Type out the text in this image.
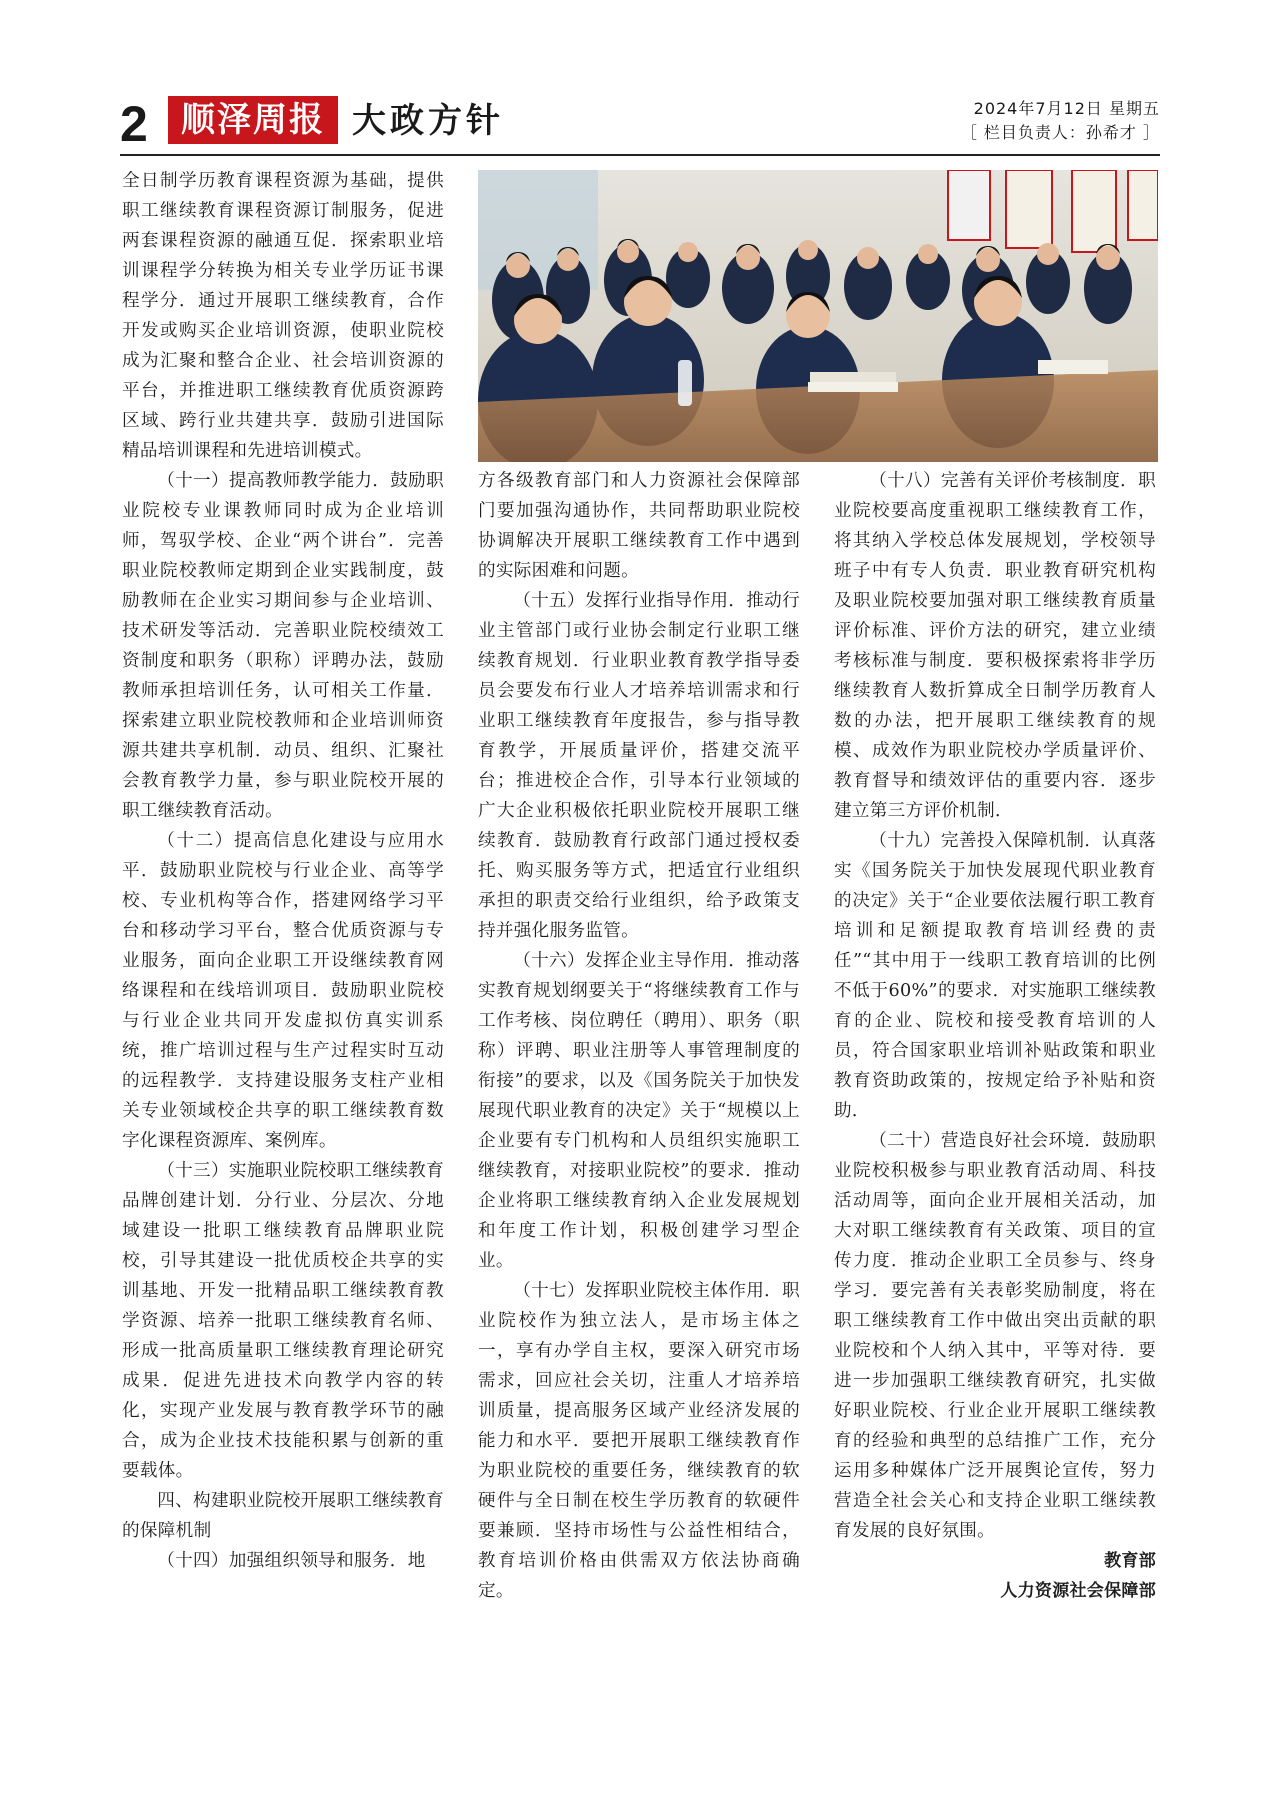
2 顺泽周报 大政方针	2024年7月12日 星期五
［ 栏目负责人：孙希才 ］

全日制学历教育课程资源为基础，提供职工继续教育课程资源订制服务，促进两套课程资源的融通互促．探索职业培训课程学分转换为相关专业学历证书课程学分．通过开展职工继续教育，合作开发或购买企业培训资源，使职业院校成为汇聚和整合企业、社会培训资源的平台，并推进职工继续教育优质资源跨区域、跨行业共建共享．鼓励引进国际精品培训课程和先进培训模式。

（十一）提高教师教学能力．鼓励职业院校专业课教师同时成为企业培训师，驾驭学校、企业“两个讲台”．完善职业院校教师定期到企业实践制度，鼓励教师在企业实习期间参与企业培训、技术研发等活动．完善职业院校绩效工资制度和职务（职称）评聘办法，鼓励教师承担培训任务，认可相关工作量．探索建立职业院校教师和企业培训师资源共建共享机制．动员、组织、汇聚社会教育教学力量，参与职业院校开展的职工继续教育活动。

（十二）提高信息化建设与应用水平．鼓励职业院校与行业企业、高等学校、专业机构等合作，搭建网络学习平台和移动学习平台，整合优质资源与专业服务，面向企业职工开设继续教育网络课程和在线培训项目．鼓励职业院校与行业企业共同开发虚拟仿真实训系统，推广培训过程与生产过程实时互动的远程教学．支持建设服务支柱产业相关专业领域校企共享的职工继续教育数字化课程资源库、案例库。

（十三）实施职业院校职工继续教育品牌创建计划．分行业、分层次、分地域建设一批职工继续教育品牌职业院校，引导其建设一批优质校企共享的实训基地、开发一批精品职工继续教育教学资源、培养一批职工继续教育名师、形成一批高质量职工继续教育理论研究成果．促进先进技术向教学内容的转化，实现产业发展与教育教学环节的融合，成为企业技术技能积累与创新的重要载体。

四、构建职业院校开展职工继续教育的保障机制

（十四）加强组织领导和服务．地

方各级教育部门和人力资源社会保障部门要加强沟通协作，共同帮助职业院校协调解决开展职工继续教育工作中遇到的实际困难和问题。

（十五）发挥行业指导作用．推动行业主管部门或行业协会制定行业职工继续教育规划．行业职业教育教学指导委员会要发布行业人才培养培训需求和行业职工继续教育年度报告，参与指导教育教学，开展质量评价，搭建交流平台；推进校企合作，引导本行业领域的广大企业积极依托职业院校开展职工继续教育．鼓励教育行政部门通过授权委托、购买服务等方式，把适宜行业组织承担的职责交给行业组织，给予政策支持并强化服务监管。

（十六）发挥企业主导作用．推动落实教育规划纲要关于“将继续教育工作与工作考核、岗位聘任（聘用）、职务（职称）评聘、职业注册等人事管理制度的衔接”的要求，以及《国务院关于加快发展现代职业教育的决定》关于“规模以上企业要有专门机构和人员组织实施职工继续教育，对接职业院校”的要求．推动企业将职工继续教育纳入企业发展规划和年度工作计划，积极创建学习型企业。

（十七）发挥职业院校主体作用．职业院校作为独立法人，是市场主体之一，享有办学自主权，要深入研究市场需求，回应社会关切，注重人才培养培训质量，提高服务区域产业经济发展的能力和水平．要把开展职工继续教育作为职业院校的重要任务，继续教育的软硬件与全日制在校生学历教育的软硬件要兼顾．坚持市场性与公益性相结合，教育培训价格由供需双方依法协商确定。

（十八）完善有关评价考核制度．职业院校要高度重视职工继续教育工作，将其纳入学校总体发展规划，学校领导班子中有专人负责．职业教育研究机构及职业院校要加强对职工继续教育质量评价标准、评价方法的研究，建立业绩考核标准与制度．要积极探索将非学历继续教育人数折算成全日制学历教育人数的办法，把开展职工继续教育的规模、成效作为职业院校办学质量评价、教育督导和绩效评估的重要内容．逐步建立第三方评价机制．

（十九）完善投入保障机制．认真落实《国务院关于加快发展现代职业教育的决定》关于“企业要依法履行职工教育培训和足额提取教育培训经费的责任”“其中用于一线职工教育培训的比例不低于60%”的要求．对实施职工继续教育的企业、院校和接受教育培训的人员，符合国家职业培训补贴政策和职业教育资助政策的，按规定给予补贴和资助．

（二十）营造良好社会环境．鼓励职业院校积极参与职业教育活动周、科技活动周等，面向企业开展相关活动，加大对职工继续教育有关政策、项目的宣传力度．推动企业职工全员参与、终身学习．要完善有关表彰奖励制度，将在职工继续教育工作中做出突出贡献的职业院校和个人纳入其中，平等对待．要进一步加强职工继续教育研究，扎实做好职业院校、行业企业开展职工继续教育的经验和典型的总结推广工作，充分运用多种媒体广泛开展舆论宣传，努力营造全社会关心和支持企业职工继续教育发展的良好氛围。

教育部

人力资源社会保障部
